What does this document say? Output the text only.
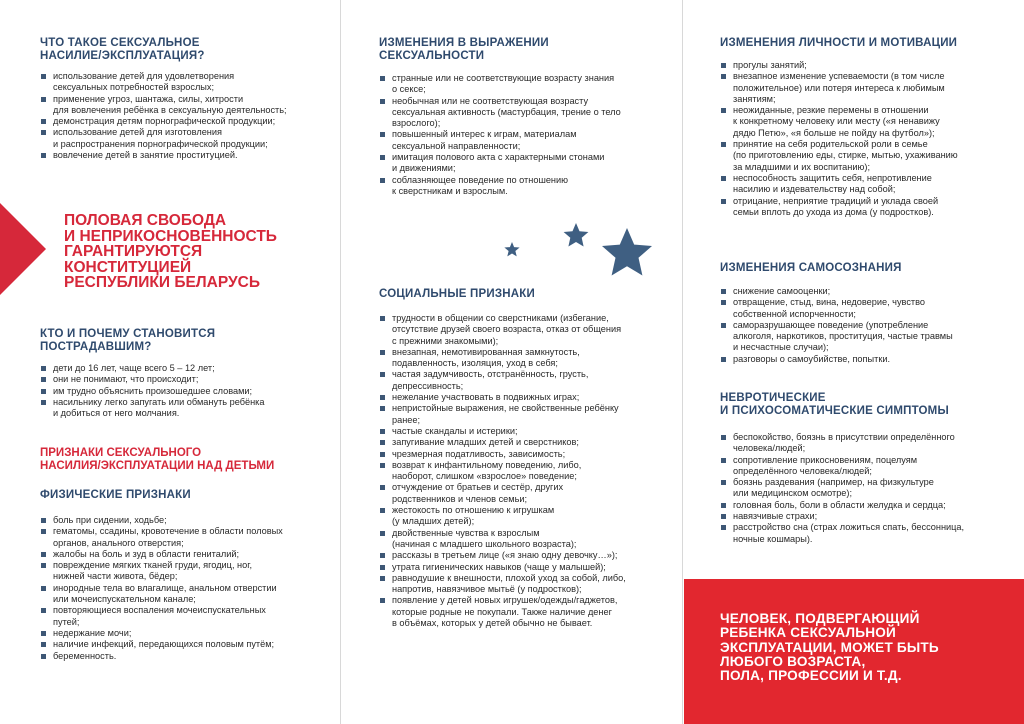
ЧТО ТАКОЕ СЕКСУАЛЬНОЕ
НАСИЛИЕ/ЭКСПЛУАТАЦИЯ?
использование детей для удовлетворения
сексуальных потребностей взрослых;
применение угроз, шантажа, силы, хитрости
для вовлечения ребёнка в сексуальную деятельность;
демонстрация детям порнографической продукции;
использование детей для изготовления
и распространения порнографической продукции;
вовлечение детей в занятие проституцией.
ПОЛОВАЯ СВОБОДА
И НЕПРИКОСНОВЕННОСТЬ
ГАРАНТИРУЮТСЯ
КОНСТИТУЦИЕЙ
РЕСПУБЛИКИ БЕЛАРУСЬ
КТО И ПОЧЕМУ СТАНОВИТСЯ
ПОСТРАДАВШИМ?
дети до 16 лет, чаще всего 5 – 12 лет;
они не понимают, что происходит;
им трудно объяснить произошедшее словами;
насильнику легко запугать или обмануть ребёнка
и добиться от него молчания.
ПРИЗНАКИ СЕКСУАЛЬНОГО
НАСИЛИЯ/ЭКСПЛУАТАЦИИ НАД ДЕТЬМИ
ФИЗИЧЕСКИЕ ПРИЗНАКИ
боль при сидении, ходьбе;
гематомы, ссадины, кровотечение в области половых
органов, анального отверстия;
жалобы на боль и зуд в области гениталий;
повреждение мягких тканей груди, ягодиц, ног,
нижней части живота, бёдер;
инородные тела во влагалище, анальном отверстии
или мочеиспускательном канале;
повторяющиеся воспаления мочеиспускательных
путей;
недержание мочи;
наличие инфекций, передающихся половым путём;
беременность.
ИЗМЕНЕНИЯ В ВЫРАЖЕНИИ
СЕКСУАЛЬНОСТИ
странные или не соответствующие возрасту знания
о сексе;
необычная или не соответствующая возрасту
сексуальная активность (мастурбация, трение о тело
взрослого);
повышенный интерес к играм, материалам
сексуальной направленности;
имитация полового акта с характерными стонами
и движениями;
соблазняющее поведение по отношению
к сверстникам и взрослым.
СОЦИАЛЬНЫЕ ПРИЗНАКИ
трудности в общении со сверстниками (избегание,
отсутствие друзей своего возраста, отказ от общения
с прежними знакомыми);
внезапная, немотивированная замкнутость,
подавленность, изоляция, уход в себя;
частая задумчивость, отстранённость, грусть,
депрессивность;
нежелание участвовать в подвижных играх;
непристойные выражения, не свойственные ребёнку
ранее;
частые скандалы и истерики;
запугивание младших детей и сверстников;
чрезмерная податливость, зависимость;
возврат к инфантильному поведению, либо,
наоборот, слишком «взрослое» поведение;
отчуждение от братьев и сестёр, других
родственников и членов семьи;
жестокость по отношению к игрушкам
(у младших детей);
двойственные чувства к взрослым
(начиная с младшего школьного возраста);
рассказы в третьем лице («я знаю одну девочку…»);
утрата гигиенических навыков (чаще у малышей);
равнодушие к внешности, плохой уход за собой, либо,
напротив, навязчивое мытьё (у подростков);
появление у детей новых игрушек/одежды/гаджетов,
которые родные не покупали. Также наличие денег
в объёмах, которых у детей обычно не бывает.
ИЗМЕНЕНИЯ ЛИЧНОСТИ И МОТИВАЦИИ
прогулы занятий;
внезапное изменение успеваемости (в том числе
положительное) или потеря интереса к любимым
занятиям;
неожиданные, резкие перемены в отношении
к конкретному человеку или месту («я ненавижу
дядю Петю», «я больше не пойду на футбол»);
принятие на себя родительской роли в семье
(по приготовлению еды, стирке, мытью, ухаживанию
за младшими и их воспитанию);
неспособность защитить себя, непротивление
насилию и издевательству над собой;
отрицание, неприятие традиций и уклада своей
семьи вплоть до ухода из дома (у подростков).
ИЗМЕНЕНИЯ САМОСОЗНАНИЯ
снижение самооценки;
отвращение, стыд, вина, недоверие, чувство
собственной испорченности;
саморазрушающее поведение (употребление
алкоголя, наркотиков, проституция, частые травмы
и несчастные случаи);
разговоры о самоубийстве, попытки.
НЕВРОТИЧЕСКИЕ
И ПСИХОСОМАТИЧЕСКИЕ СИМПТОМЫ
беспокойство, боязнь в присутствии определённого
человека/людей;
сопротивление прикосновениям, поцелуям
определённого человека/людей;
боязнь раздевания (например, на физкультуре
или медицинском осмотре);
головная боль, боли в области желудка и сердца;
навязчивые страхи;
расстройство сна (страх ложиться спать, бессонница,
ночные кошмары).
ЧЕЛОВЕК, ПОДВЕРГАЮЩИЙ
РЕБЕНКА СЕКСУАЛЬНОЙ
ЭКСПЛУАТАЦИИ, МОЖЕТ БЫТЬ
ЛЮБОГО ВОЗРАСТА,
ПОЛА, ПРОФЕССИИ И Т.Д.
